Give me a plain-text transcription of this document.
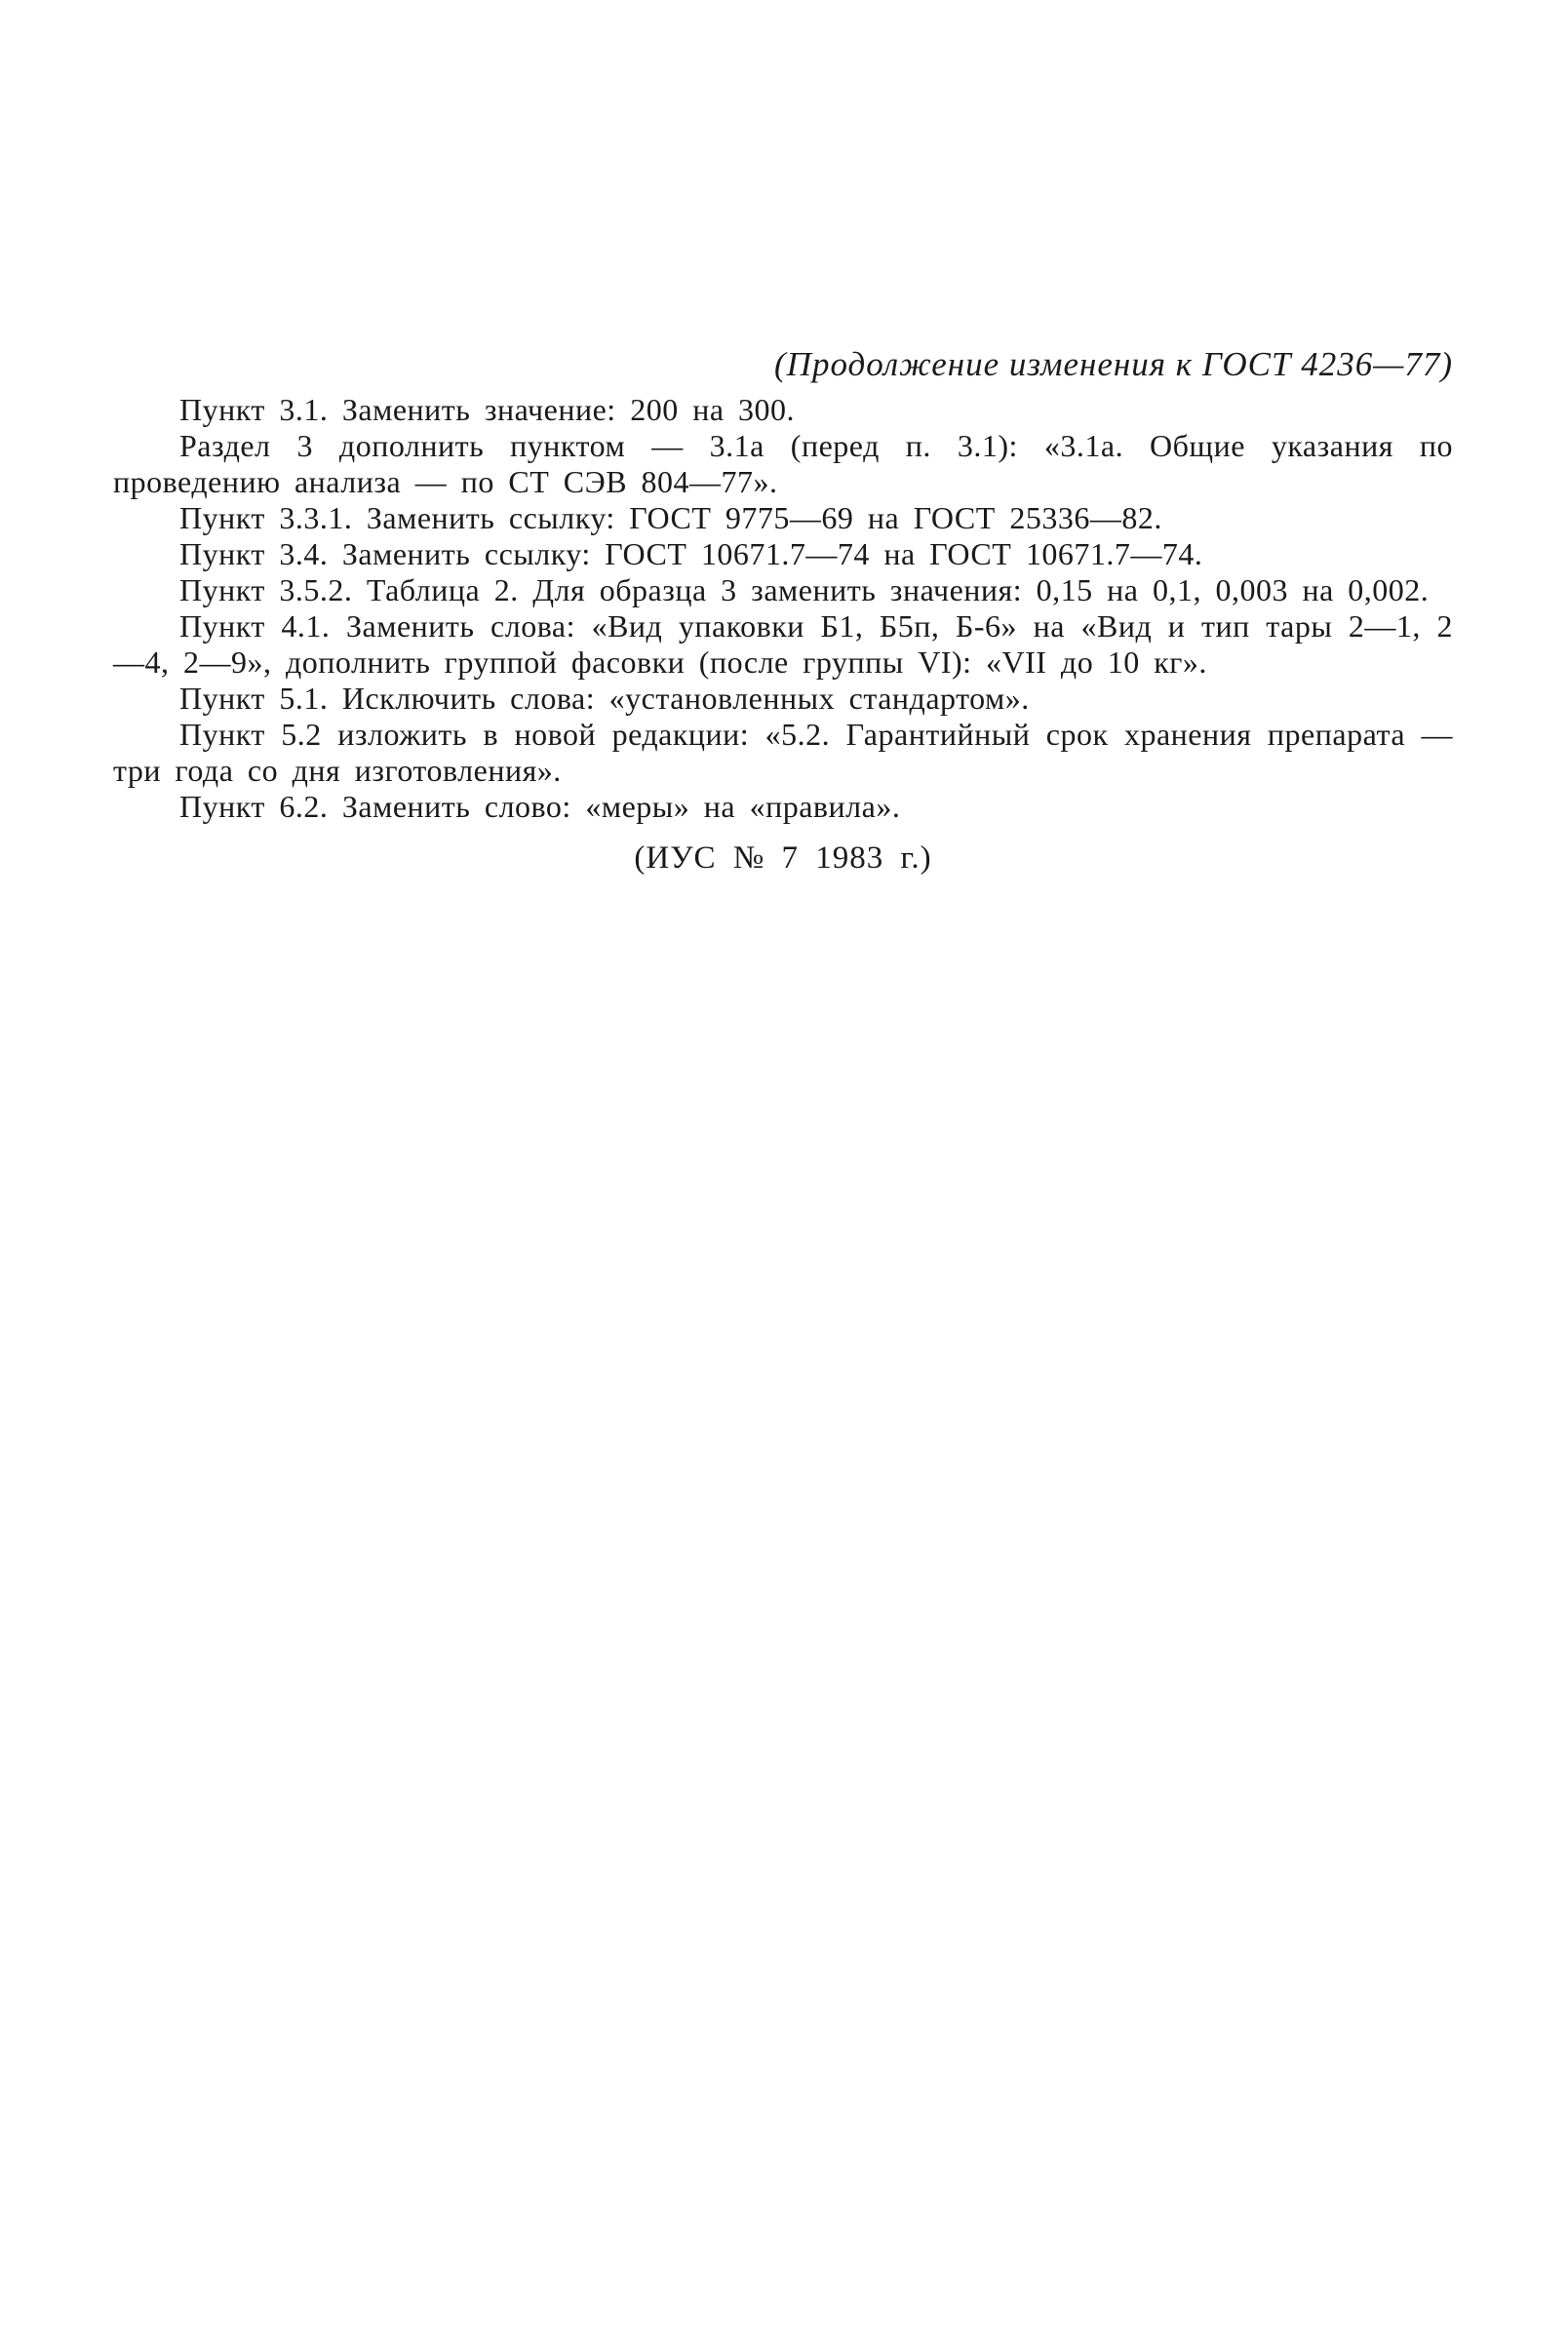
(Продолжение изменения к ГОСТ 4236—77)
Пункт 3.1. Заменить значение: 200 на 300.
Раздел 3 дополнить пунктом — 3.1а (перед п. 3.1): «3.1а. Общие указания по проведению анализа — по СТ СЭВ 804—77».
Пункт 3.3.1. Заменить ссылку: ГОСТ 9775—69 на ГОСТ 25336—82.
Пункт 3.4. Заменить ссылку: ГОСТ 10671.7—74 на ГОСТ 10671.7—74.
Пункт 3.5.2. Таблица 2. Для образца 3 заменить значения: 0,15 на 0,1, 0,003 на 0,002.
Пункт 4.1. Заменить слова: «Вид упаковки Б1, Б5п, Б-6» на «Вид и тип тары 2—1, 2—4, 2—9», дополнить группой фасовки (после группы VI): «VII до 10 кг».
Пункт 5.1. Исключить слова: «установленных стандартом».
Пункт 5.2 изложить в новой редакции: «5.2. Гарантийный срок хранения препарата — три года со дня изготовления».
Пункт 6.2. Заменить слово: «меры» на «правила».
(ИУС № 7 1983 г.)
